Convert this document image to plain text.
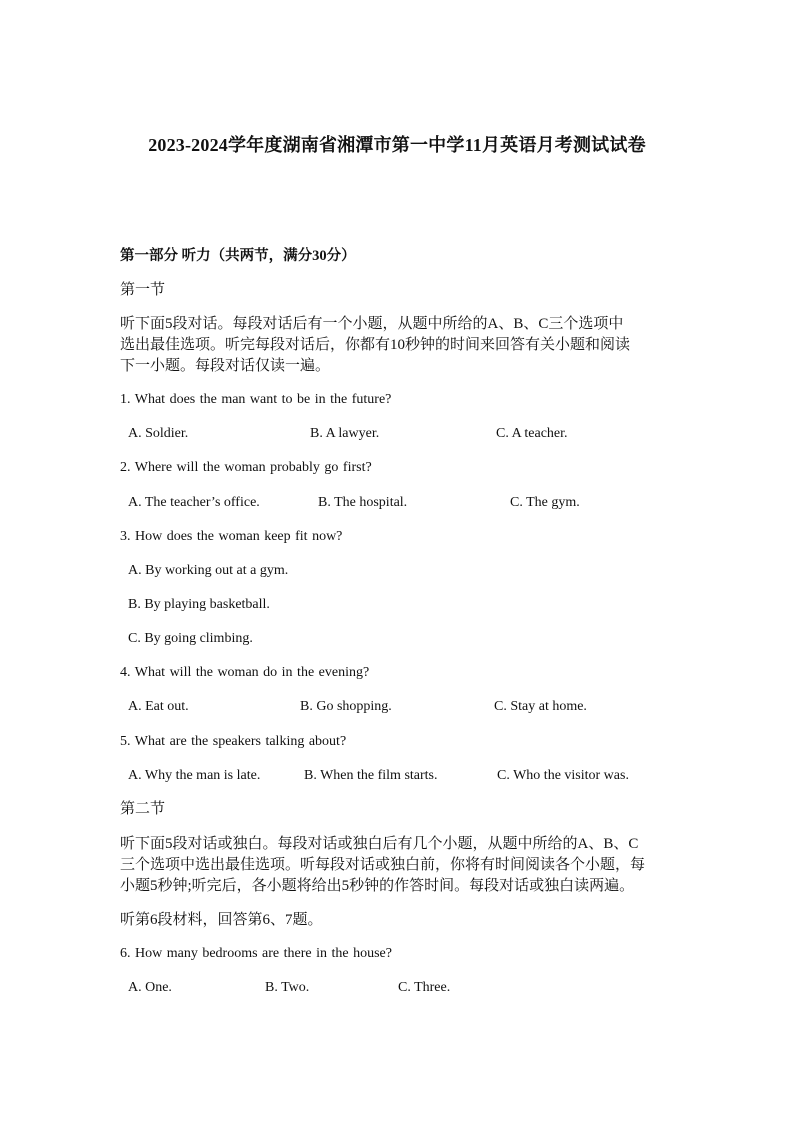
2023-2024学年度湖南省湘潭市第一中学11月英语月考测试试卷
第一部分 听力（共两节，满分30分）
第一节
听下面5段对话。每段对话后有一个小题，从题中所给的A、B、C三个选项中
选出最佳选项。听完每段对话后，你都有10秒钟的时间来回答有关小题和阅读
下一小题。每段对话仅读一遍。
1. What does the man want to be in the future?
A. Soldier.	B. A lawyer.	C. A teacher.
2. Where will the woman probably go first?
A. The teacher’s office.	B. The hospital.	C. The gym.
3. How does the woman keep fit now?
A. By working out at a gym.
B. By playing basketball.
C. By going climbing.
4. What will the woman do in the evening?
A. Eat out.	B. Go shopping.	C. Stay at home.
5. What are the speakers talking about?
A. Why the man is late.	B. When the film starts.	C. Who the visitor was.
第二节
听下面5段对话或独白。每段对话或独白后有几个小题，从题中所给的A、B、C
三个选项中选出最佳选项。听每段对话或独白前，你将有时间阅读各个小题，每
小题5秒钟;听完后，各小题将给出5秒钟的作答时间。每段对话或独白读两遍。
听第6段材料，回答第6、7题。
6. How many bedrooms are there in the house?
A. One.	B. Two.	C. Three.
